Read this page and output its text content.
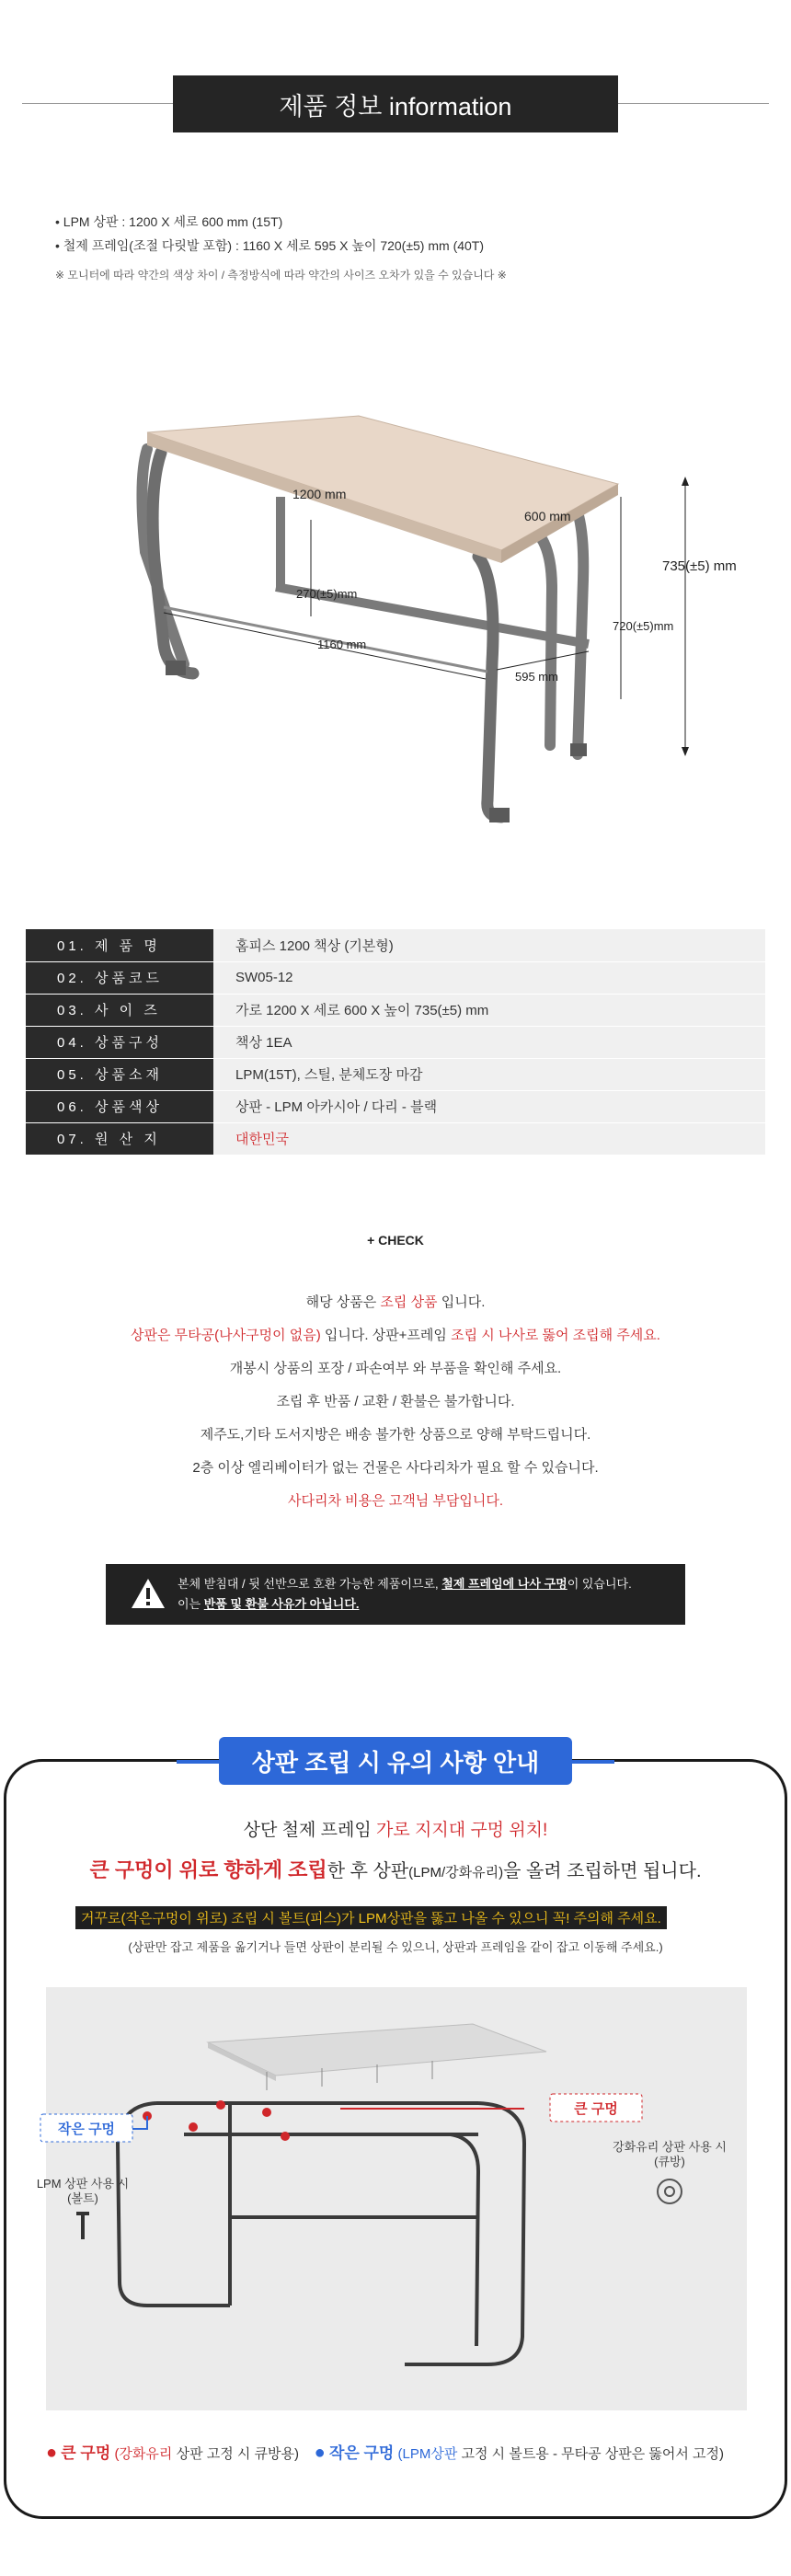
제품 정보 information
• LPM 상판 : 1200 X 세로 600 mm (15T)
• 철제 프레임(조절 다릿발 포함) : 1160 X 세로 595 X 높이 720(±5) mm (40T)
※ 모니터에 따라 약간의 색상 차이 / 측정방식에 따라 약간의 사이즈 오차가 있을 수 있습니다 ※
1200 mm
600 mm
735(±5) mm
720(±5)mm
270(±5)mm
1160 mm
595 mm
01. 제 품 명	홈피스 1200 책상 (기본형)
02. 상품코드	SW05-12
03. 사 이 즈	가로 1200 X 세로 600 X 높이 735(±5) mm
04. 상품구성	책상 1EA
05. 상품소재	LPM(15T), 스틸, 분체도장 마감
06. 상품색상	상판 - LPM 아카시아 / 다리 - 블랙
07. 원 산 지	대한민국
+ CHECK
해당 상품은 조립 상품 입니다.
상판은 무타공(나사구멍이 없음) 입니다. 상판+프레임 조립 시 나사로 뚫어 조립해 주세요.
개봉시 상품의 포장 / 파손여부 와 부품을 확인해 주세요.
조립 후 반품 / 교환 / 환불은 불가합니다.
제주도,기타 도서지방은 배송 불가한 상품으로 양해 부탁드립니다.
2층 이상 엘리베이터가 없는 건물은 사다리차가 필요 할 수 있습니다.
사다리차 비용은 고객님 부담입니다.
본체 받침대 / 뒷 선반으로 호환 가능한 제품이므로, 철제 프레임에 나사 구멍이 있습니다.
이는 반품 및 환불 사유가 아닙니다.
상판 조립 시 유의 사항 안내
상단 철제 프레임 가로 지지대 구멍 위치!
큰 구멍이 위로 향하게 조립한 후 상판(LPM/강화유리)을 올려 조립하면 됩니다.
거꾸로(작은구멍이 위로) 조립 시 볼트(피스)가 LPM상판을 뚫고 나올 수 있으니 꼭! 주의해 주세요.
(상판만 잡고 제품을 옮기거나 들면 상판이 분리될 수 있으니, 상판과 프레임을 같이 잡고 이동해 주세요.)
작은 구멍
큰 구멍
LPM 상판 사용 시
(볼트)
강화유리 상판 사용 시
(큐방)
● 큰 구멍 (강화유리 상판 고정 시 큐방용) ● 작은 구멍 (LPM상판 고정 시 볼트용 - 무타공 상판은 뚫어서 고정)
